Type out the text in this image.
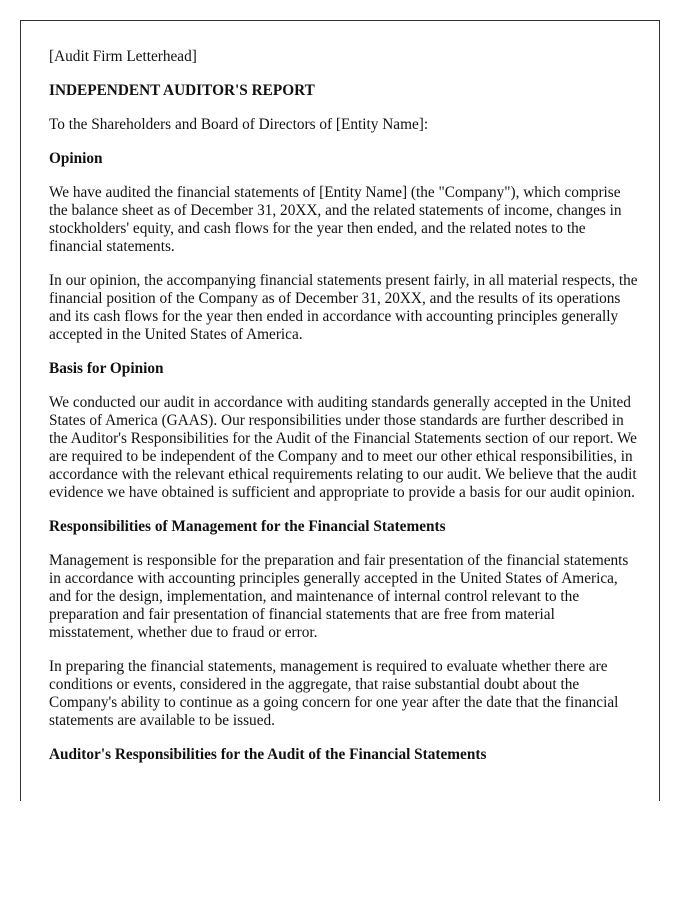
[Audit Firm Letterhead]

INDEPENDENT AUDITOR'S REPORT

To the Shareholders and Board of Directors of [Entity Name]:

Opinion

We have audited the financial statements of [Entity Name] (the "Company"), which comprise the balance sheet as of December 31, 20XX, and the related statements of income, changes in stockholders' equity, and cash flows for the year then ended, and the related notes to the financial statements.

In our opinion, the accompanying financial statements present fairly, in all material respects, the financial position of the Company as of December 31, 20XX, and the results of its operations and its cash flows for the year then ended in accordance with accounting principles generally accepted in the United States of America.

Basis for Opinion

We conducted our audit in accordance with auditing standards generally accepted in the United States of America (GAAS). Our responsibilities under those standards are further described in the Auditor's Responsibilities for the Audit of the Financial Statements section of our report. We are required to be independent of the Company and to meet our other ethical responsibilities, in accordance with the relevant ethical requirements relating to our audit. We believe that the audit evidence we have obtained is sufficient and appropriate to provide a basis for our audit opinion.

Responsibilities of Management for the Financial Statements

Management is responsible for the preparation and fair presentation of the financial statements in accordance with accounting principles generally accepted in the United States of America, and for the design, implementation, and maintenance of internal control relevant to the preparation and fair presentation of financial statements that are free from material misstatement, whether due to fraud or error.

In preparing the financial statements, management is required to evaluate whether there are conditions or events, considered in the aggregate, that raise substantial doubt about the Company's ability to continue as a going concern for one year after the date that the financial statements are available to be issued.

Auditor's Responsibilities for the Audit of the Financial Statements
